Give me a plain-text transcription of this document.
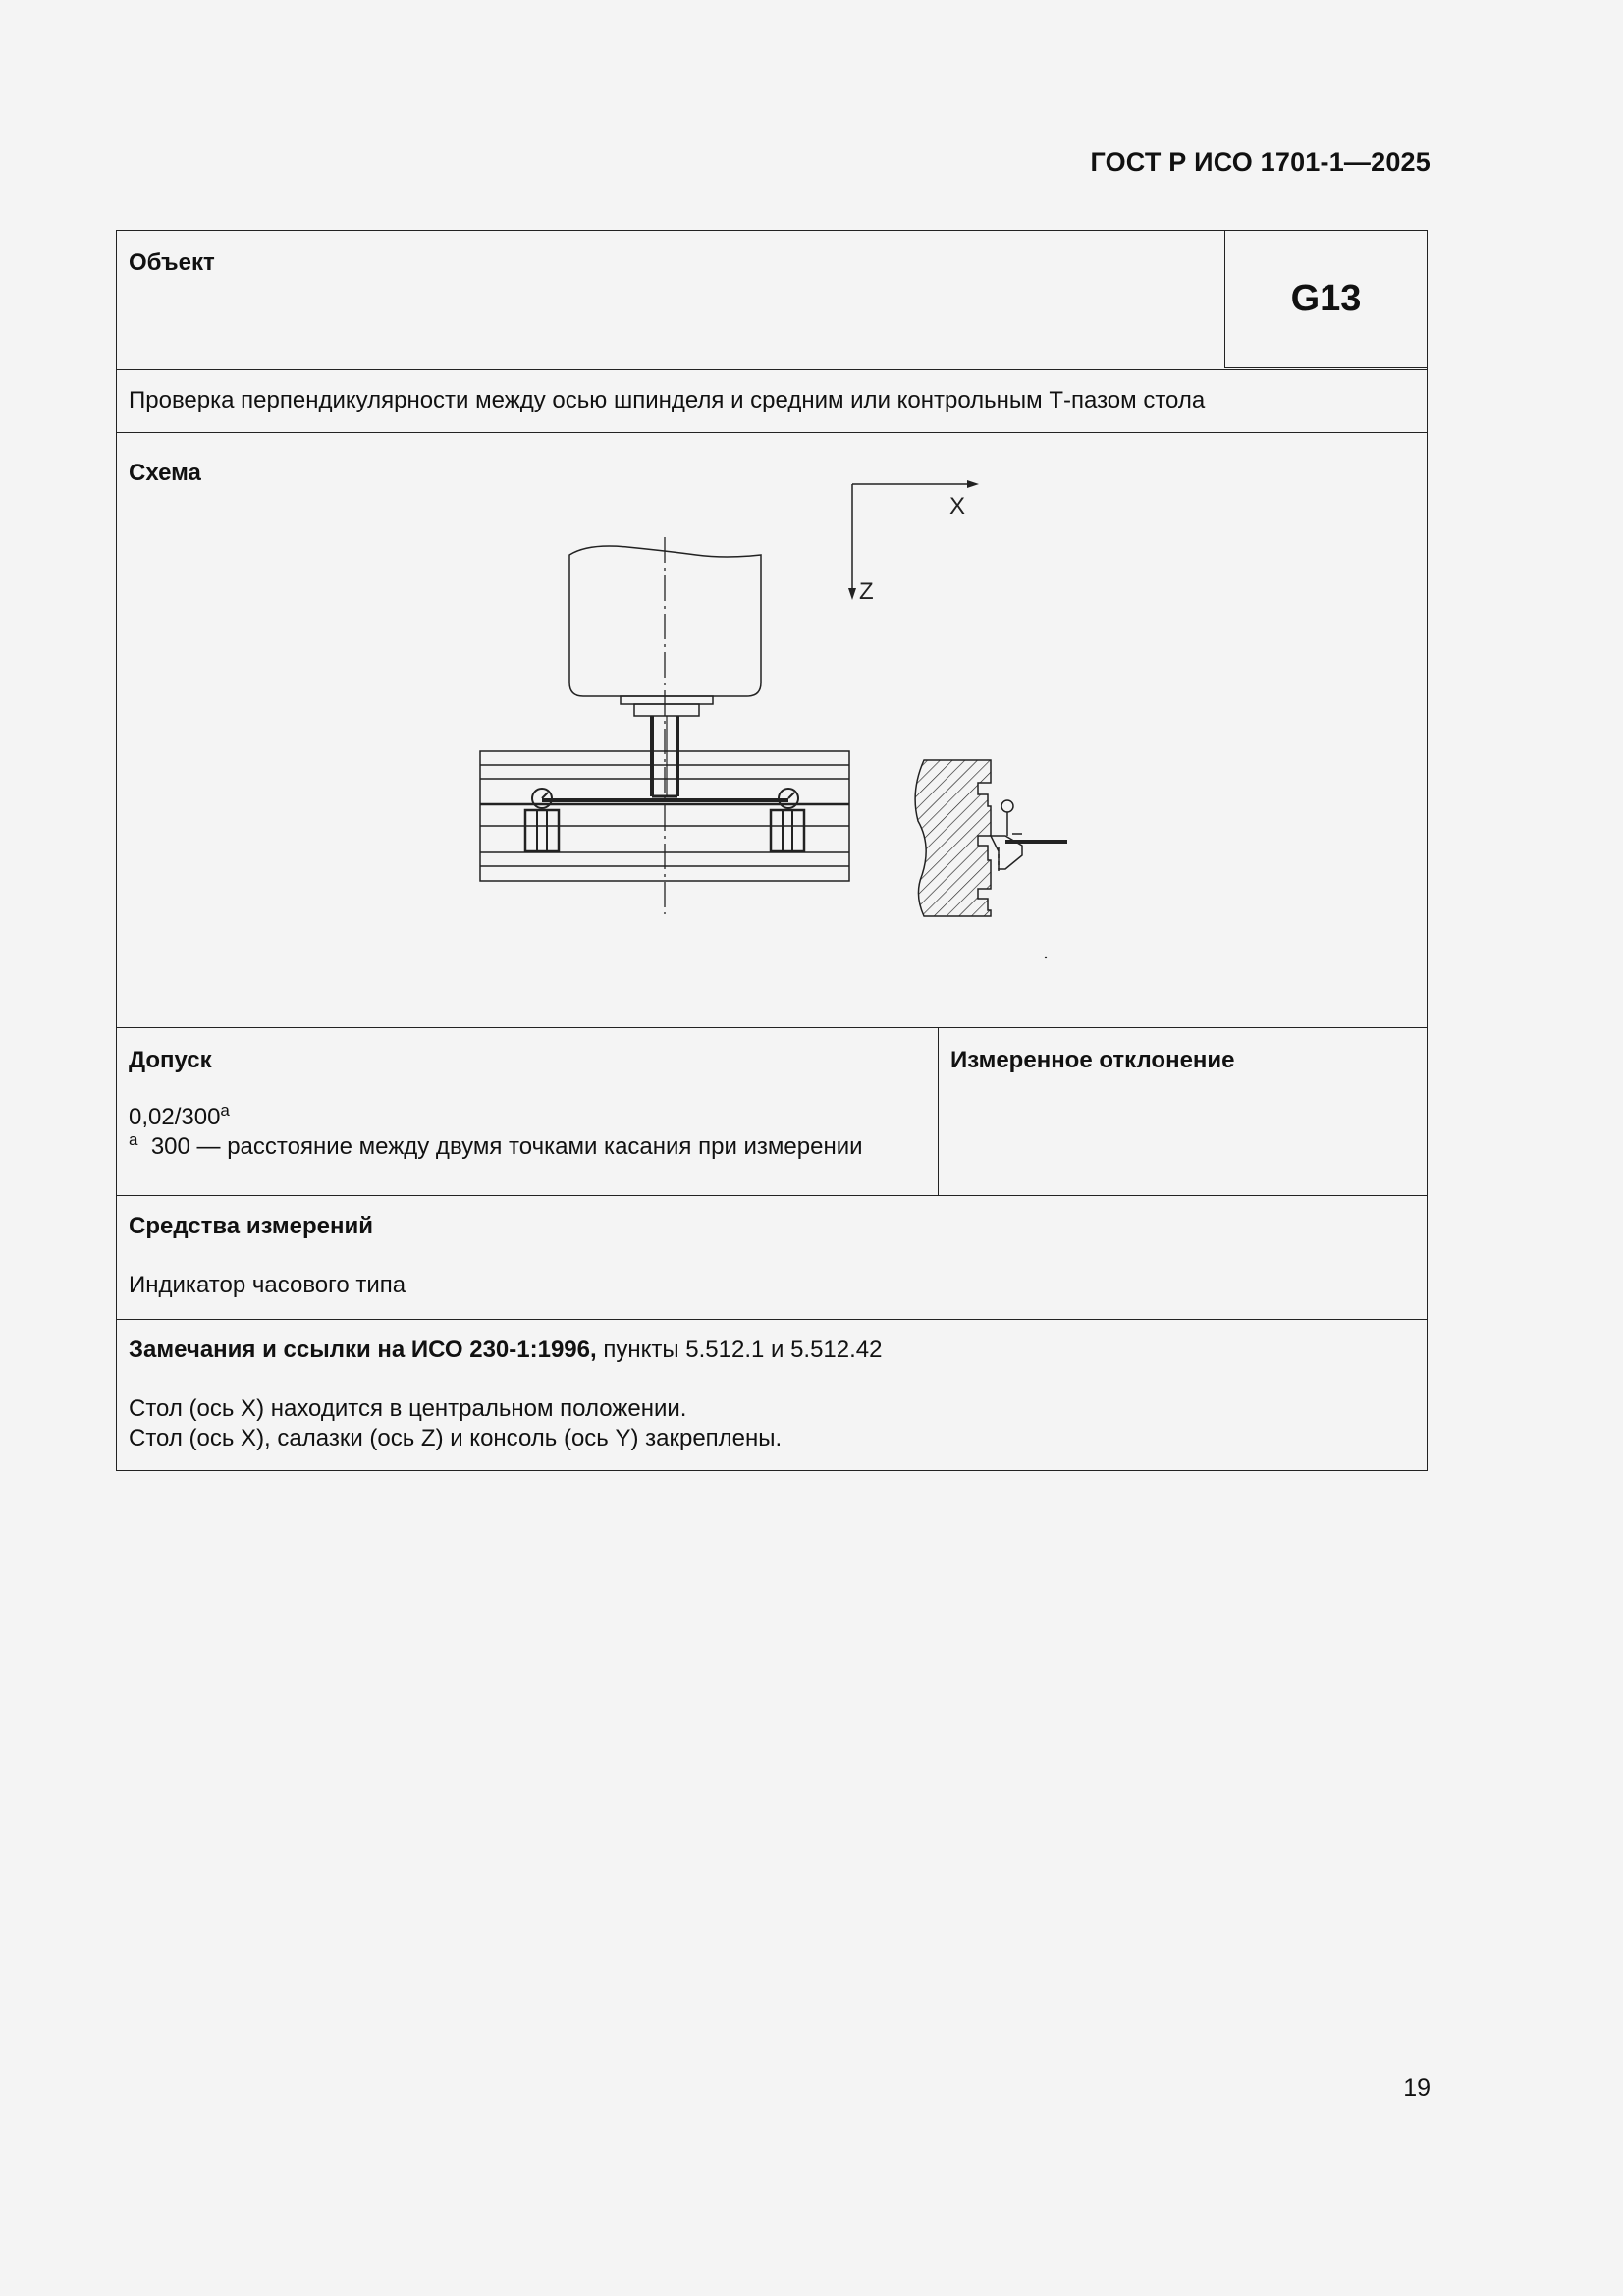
ГОСТ Р ИСО 1701-1—2025
Объект
G13
Проверка перпендикулярности между осью шпинделя и средним или контрольным Т-пазом стола
Схема
X
Z
Допуск
0,02/300$^a$
$^a$ 300 — расстояние между двумя точками касания при измерении
Измеренное отклонение
Средства измерений
Индикатор часового типа
Замечания и ссылки на ИСО 230-1:1996, пункты 5.512.1 и 5.512.42
Стол (ось X) находится в центральном положении.
Стол (ось X), салазки (ось Z) и консоль (ось Y) закреплены.
19
